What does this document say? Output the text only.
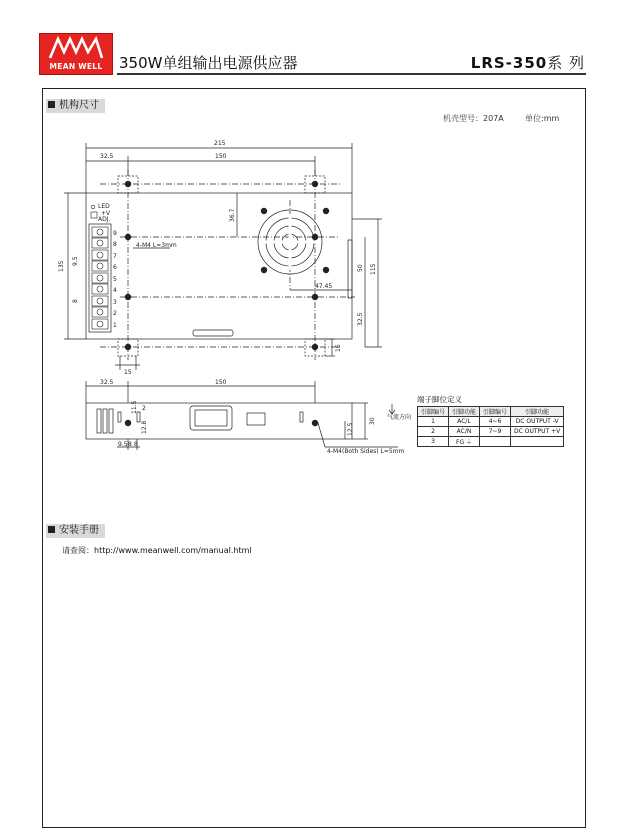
MEAN WELL	350W单组输出电源供应器	LRS-350系 列
机构尺寸
机壳型号：207A	单位:mm
215
32.5	150
135	115
50
32.5
36.7
47.45
9.5
8
15
16
LED
+V
ADJ.
4-M4 L=3mm
9
8
7
6
5
4
3
2
1
32.5	150
30
12.5
12.8
2
11.5
9.5 8 8
4-M4(Both Sides) L=5mm

气流方向
端子脚位定义
引脚编号	引脚功能	引脚编号	引脚功能
1	AC/L	4~6	DC OUTPUT -V
2	AC/N	7~9	DC OUTPUT +V
3	FG ⏚		
安装手册
请查阅：http://www.meanwell.com/manual.html
